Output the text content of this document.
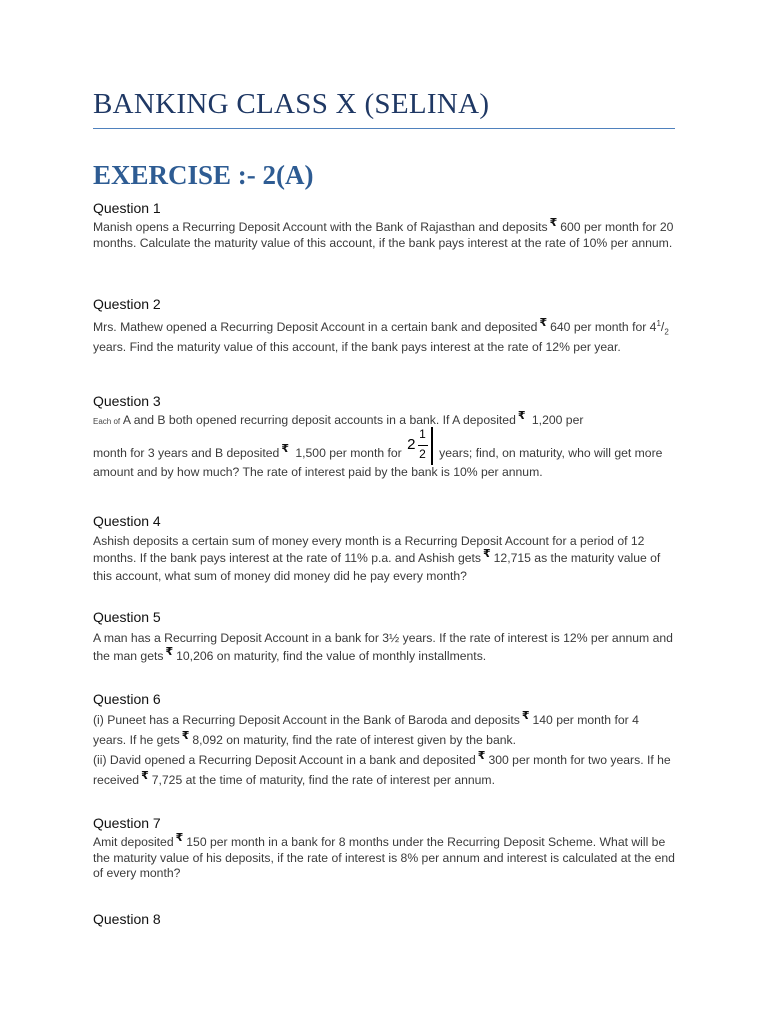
BANKING CLASS X (SELINA)
EXERCISE :- 2(A)
Question 1
Manish opens a Recurring Deposit Account with the Bank of Rajasthan and deposits ₹ 600 per month for 20 months. Calculate the maturity value of this account, if the bank pays interest at the rate of 10% per annum.
Question 2
Mrs. Mathew opened a Recurring Deposit Account in a certain bank and deposited ₹ 640 per month for $4^1/_2$ years. Find the maturity value of this account, if the bank pays interest at the rate of 12% per year.
Question 3

Each of A and B both opened recurring deposit accounts in a bank. If A deposited ₹ 1,200 per

month for 3 years and B deposited ₹ 1,500 per month for
2
1
2 years; find, on maturity, who will get more amount and by how much? The rate of interest paid by the bank is 10% per annum.

Question 4
Ashish deposits a certain sum of money every month is a Recurring Deposit Account for a period of 12 months. If the bank pays interest at the rate of 11% p.a. and Ashish gets ₹ 12,715 as the maturity value of this account, what sum of money did money did he pay every month?
Question 5
A man has a Recurring Deposit Account in a bank for 3½ years. If the rate of interest is 12% per annum and the man gets ₹ 10,206 on maturity, find the value of monthly installments.
Question 6

(i) Puneet has a Recurring Deposit Account in the Bank of Baroda and deposits ₹ 140 per month for 4 years. If he gets ₹ 8,092 on maturity, find the rate of interest given by the bank.

(ii) David opened a Recurring Deposit Account in a bank and deposited ₹ 300 per month for two years. If he received ₹ 7,725 at the time of maturity, find the rate of interest per annum.

Question 7
Amit deposited ₹ 150 per month in a bank for 8 months under the Recurring Deposit Scheme. What will be the maturity value of his deposits, if the rate of interest is 8% per annum and interest is calculated at the end of every month?
Question 8
